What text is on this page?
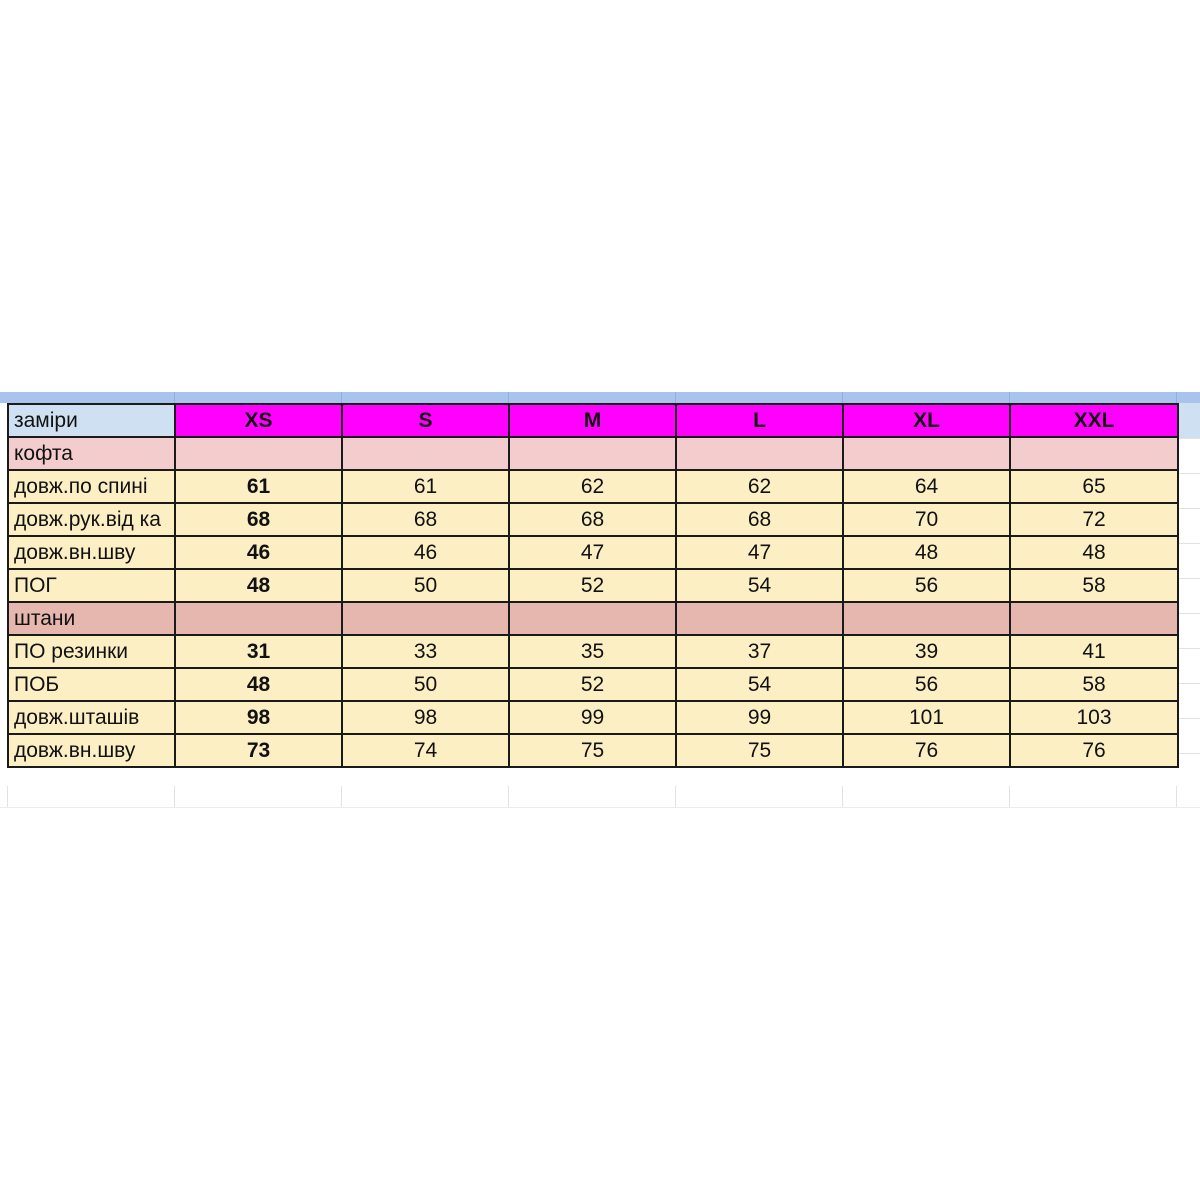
заміри	XS	S	M	L	XL	XXL
кофта						
довж.по спині	61	61	62	62	64	65
довж.рук.від ка	68	68	68	68	70	72
довж.вн.шву	46	46	47	47	48	48
ПОГ	48	50	52	54	56	58
штани						
ПО резинки	31	33	35	37	39	41
ПОБ	48	50	52	54	56	58
довж.шташів	98	98	99	99	101	103
довж.вн.шву	73	74	75	75	76	76
